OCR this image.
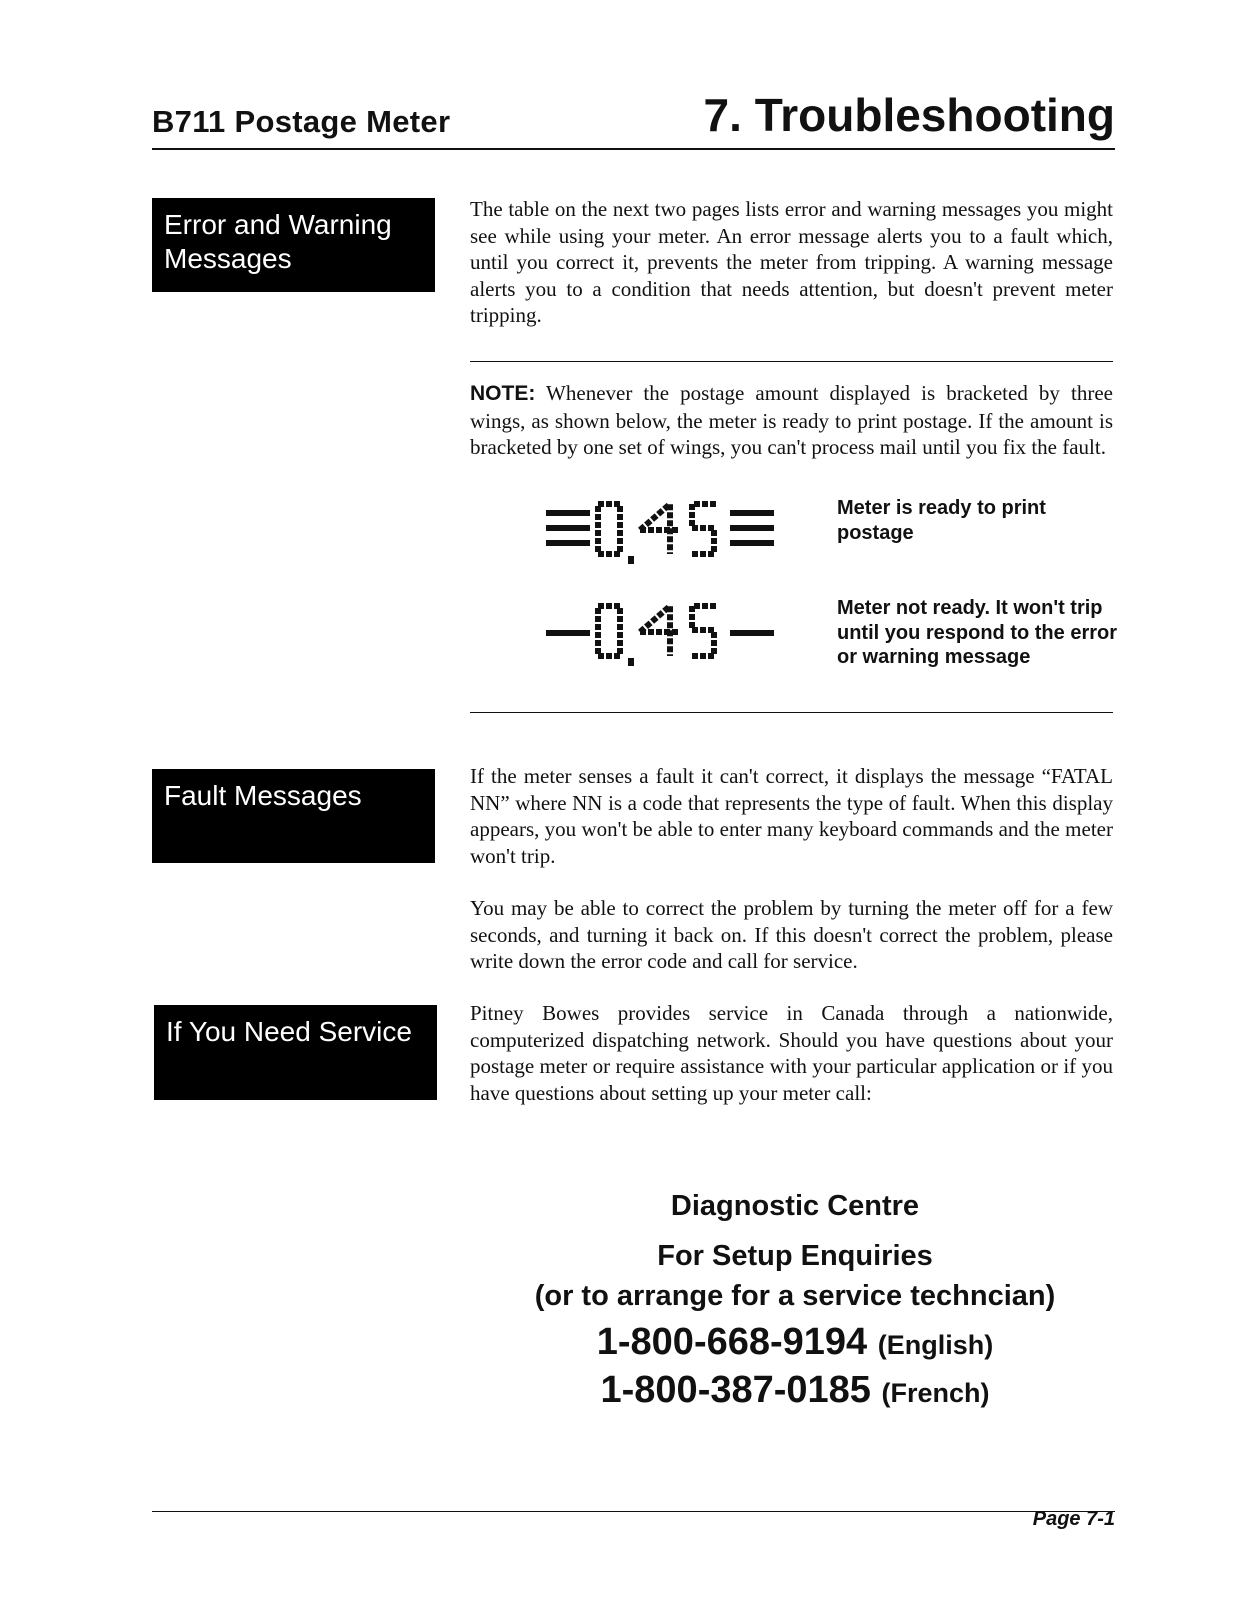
B711 Postage Meter	7. Troubleshooting
Error and Warning Messages

The table on the next two pages lists error and warning messages you might see while using your meter. An error message alerts you to a fault which, until you correct it, prevents the meter from tripping. A warning message alerts you to a condition that needs attention, but doesn't prevent meter tripping.

NOTE: Whenever the postage amount displayed is bracketed by three wings, as shown below, the meter is ready to print postage. If the amount is bracketed by one set of wings, you can't process mail until you fix the fault.

Meter is ready to print postage
Meter not ready. It won't trip until you respond to the error or warning message
Fault Messages

If the meter senses a fault it can't correct, it displays the message “FATAL NN” where NN is a code that represents the type of fault. When this display appears, you won't be able to enter many keyboard commands and the meter won't trip.

You may be able to correct the problem by turning the meter off for a few seconds, and turning it back on. If this doesn't correct the problem, please write down the error code and call for service.

If You Need Service

Pitney Bowes provides service in Canada through a nationwide, computerized dispatching network. Should you have questions about your postage meter or require assistance with your particular application or if you have questions about setting up your meter call:

Diagnostic Centre
For Setup Enquiries
(or to arrange for a service techncian)
1-800-668-9194 (English)
1-800-387-0185 (French)
Page 7-1
